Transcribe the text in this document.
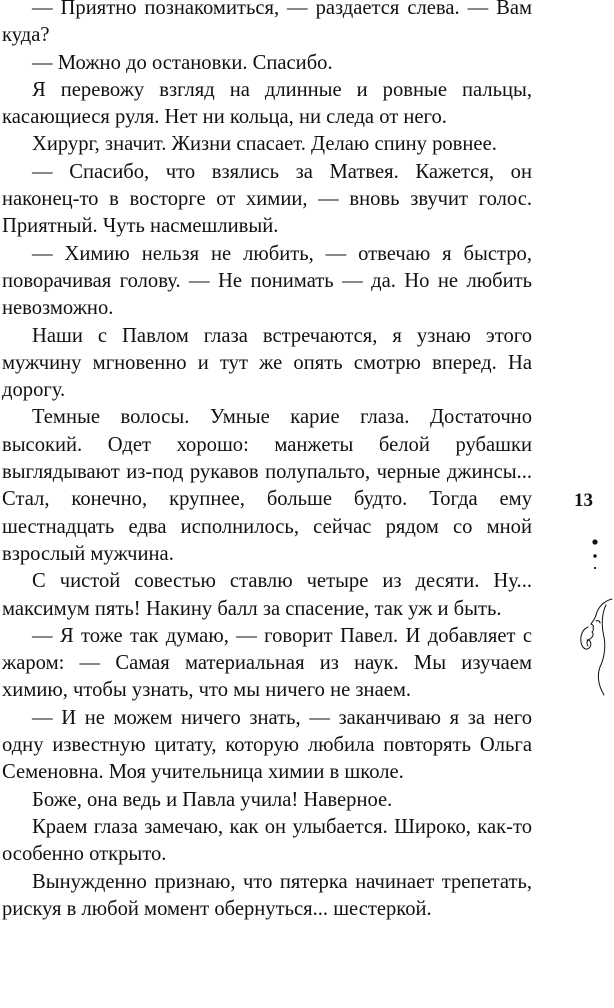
— Приятно познакомиться, — раздается слева. — Вам куда?

— Можно до остановки. Спасибо.

Я перевожу взгляд на длинные и ровные пальцы, касающиеся руля. Нет ни кольца, ни следа от него.

Хирург, значит. Жизни спасает. Делаю спину ровнее.

— Спасибо, что взялись за Матвея. Кажется, он наконец-то в восторге от химии, — вновь звучит голос. Приятный. Чуть насмешливый.

— Химию нельзя не любить, — отвечаю я быстро, поворачивая голову. — Не понимать — да. Но не любить невозможно.

Наши с Павлом глаза встречаются, я узнаю этого мужчину мгновенно и тут же опять смотрю вперед. На дорогу.

Темные волосы. Умные карие глаза. Достаточно высокий. Одет хорошо: манжеты белой рубашки выглядывают из-под рукавов полупальто, черные джинсы... Стал, конечно, крупнее, больше будто. Тогда ему шестнадцать едва исполнилось, сейчас рядом со мной взрослый мужчина.

С чистой совестью ставлю четыре из десяти. Ну... максимум пять! Накину балл за спасение, так уж и быть.

— Я тоже так думаю, — говорит Павел. И добавляет с жаром: — Самая материальная из наук. Мы изучаем химию, чтобы узнать, что мы ничего не знаем.

— И не можем ничего знать, — заканчиваю я за него одну известную цитату, которую любила повторять Ольга Семеновна. Моя учительница химии в школе.

Боже, она ведь и Павла учила! Наверное.

Краем глаза замечаю, как он улыбается. Широко, как-то особенно открыто.

Вынужденно признаю, что пятерка начинает трепетать, рискуя в любой момент обернуться... шестеркой.

13
